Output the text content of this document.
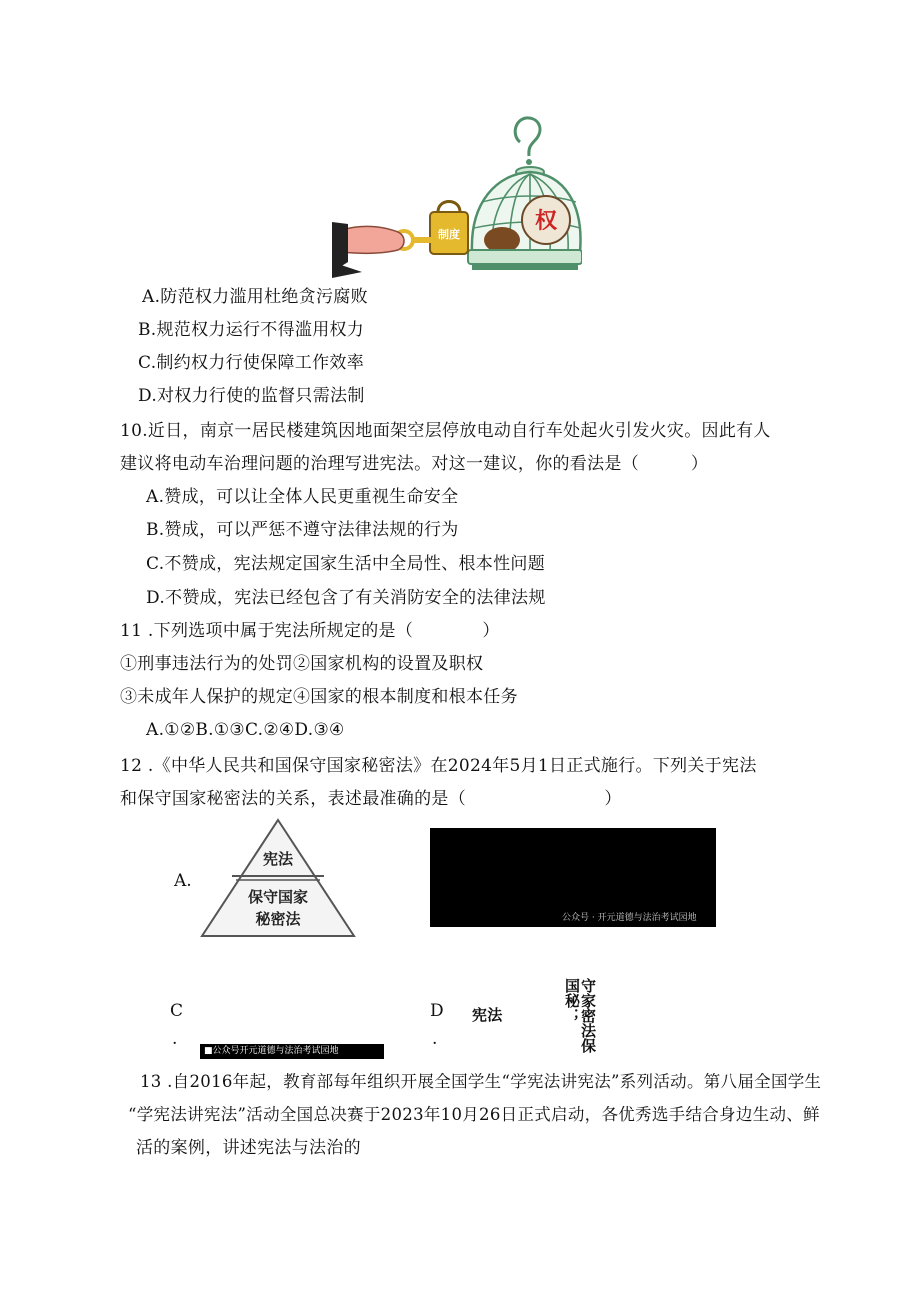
权
制度
A.防范权力滥用杜绝贪污腐败
B.规范权力运行不得滥用权力
C.制约权力行使保障工作效率
D.对权力行使的监督只需法制
10.近日，南京一居民楼建筑因地面架空层停放电动自行车处起火引发火灾。因此有人
建议将电动车治理问题的治理写进宪法。对这一建议，你的看法是（　　　）
A.赞成，可以让全体人民更重视生命安全
B.赞成，可以严惩不遵守法律法规的行为
C.不赞成，宪法规定国家生活中全局性、根本性问题
D.不赞成，宪法已经包含了有关消防安全的法律法规
11 .下列选项中属于宪法所规定的是（　　　　）
①刑事违法行为的处罚②国家机构的设置及职权
③未成年人保护的规定④国家的根本制度和根本任务
A.①②B.①③C.②④D.③④
12 .《中华人民共和国保守国家秘密法》在2024年5月1日正式施行。下列关于宪法
和保守国家秘密法的关系，表述最准确的是（　　　　　　　　）
A.
宪法
保守国家
秘密法	公众号 · 开元道德与法治考试园地
C
.
■公众号开元道德与法治考试园地
D
.
宪法	守家密法保国秘；
13 .自2016年起，教育部每年组织开展全国学生“学宪法讲宪法”系列活动。第八届全国学生
“学宪法讲宪法”活动全国总决赛于2023年10月26日正式启动，各优秀选手结合身边生动、鲜
活的案例，讲述宪法与法治的
